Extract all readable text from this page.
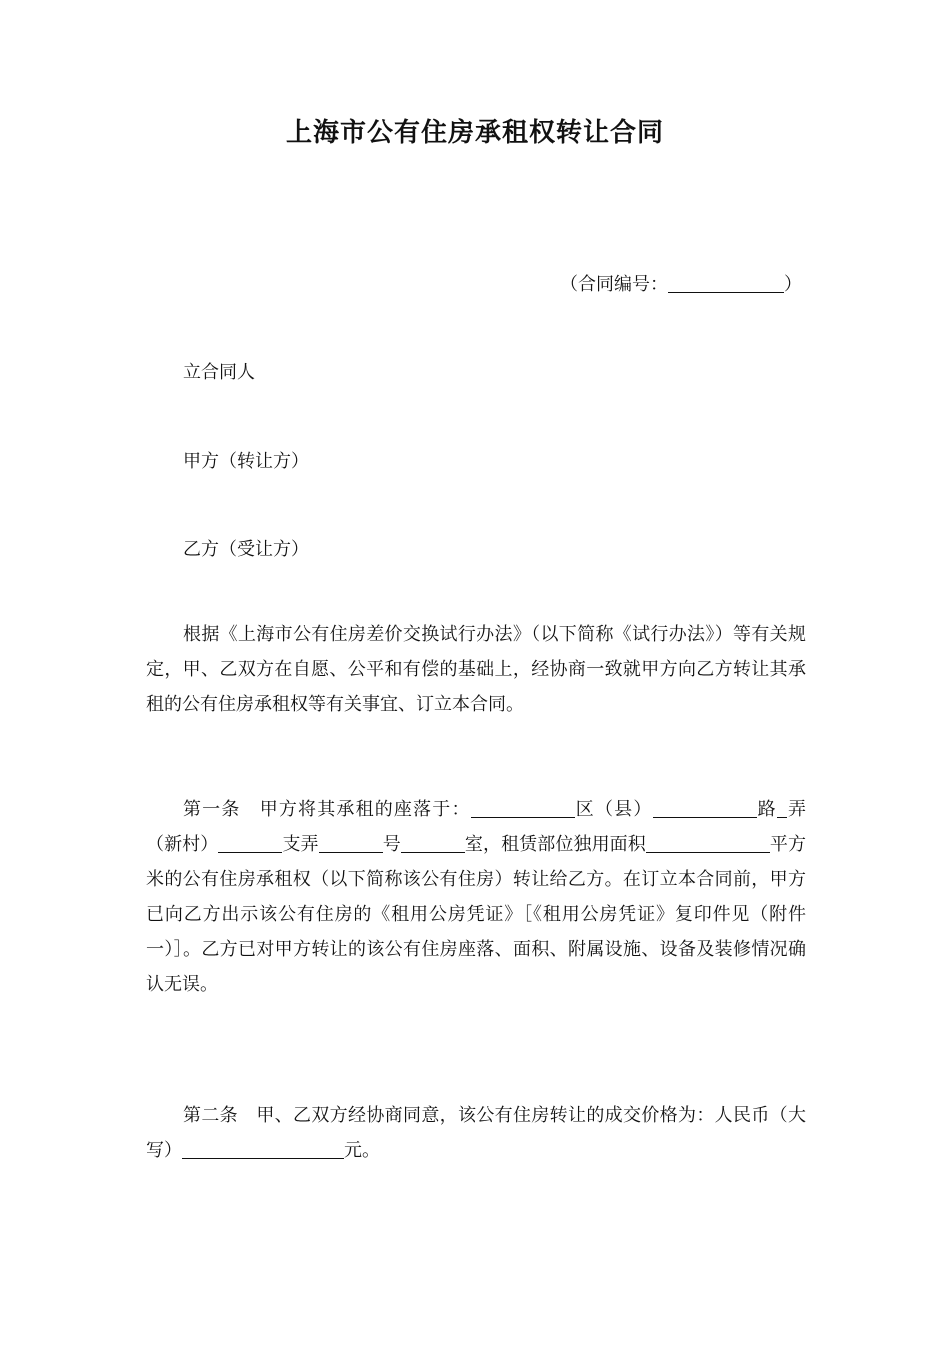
上海市公有住房承租权转让合同
（合同编号：	）
立合同人
甲方（转让方）
乙方（受让方）
根据《上海市公有住房差价交换试行办法》（以下简称《试行办法》）等有关规定，甲、乙双方在自愿、公平和有偿的基础上，经协商一致就甲方向乙方转让其承租的公有住房承租权等有关事宜、订立本合同。
第一条 甲方将其承租的座落于：	区（县）	路 弄（新村）	支弄	号	室，租赁部位独用面积	平方米的公有住房承租权（以下简称该公有住房）转让给乙方。在订立本合同前，甲方已向乙方出示该公有住房的《租用公房凭证》［《租用公房凭证》复印件见（附件一）］。乙方已对甲方转让的该公有住房座落、面积、附属设施、设备及装修情况确认无误。
第二条 甲、乙双方经协商同意，该公有住房转让的成交价格为：人民币（大写）	元。
